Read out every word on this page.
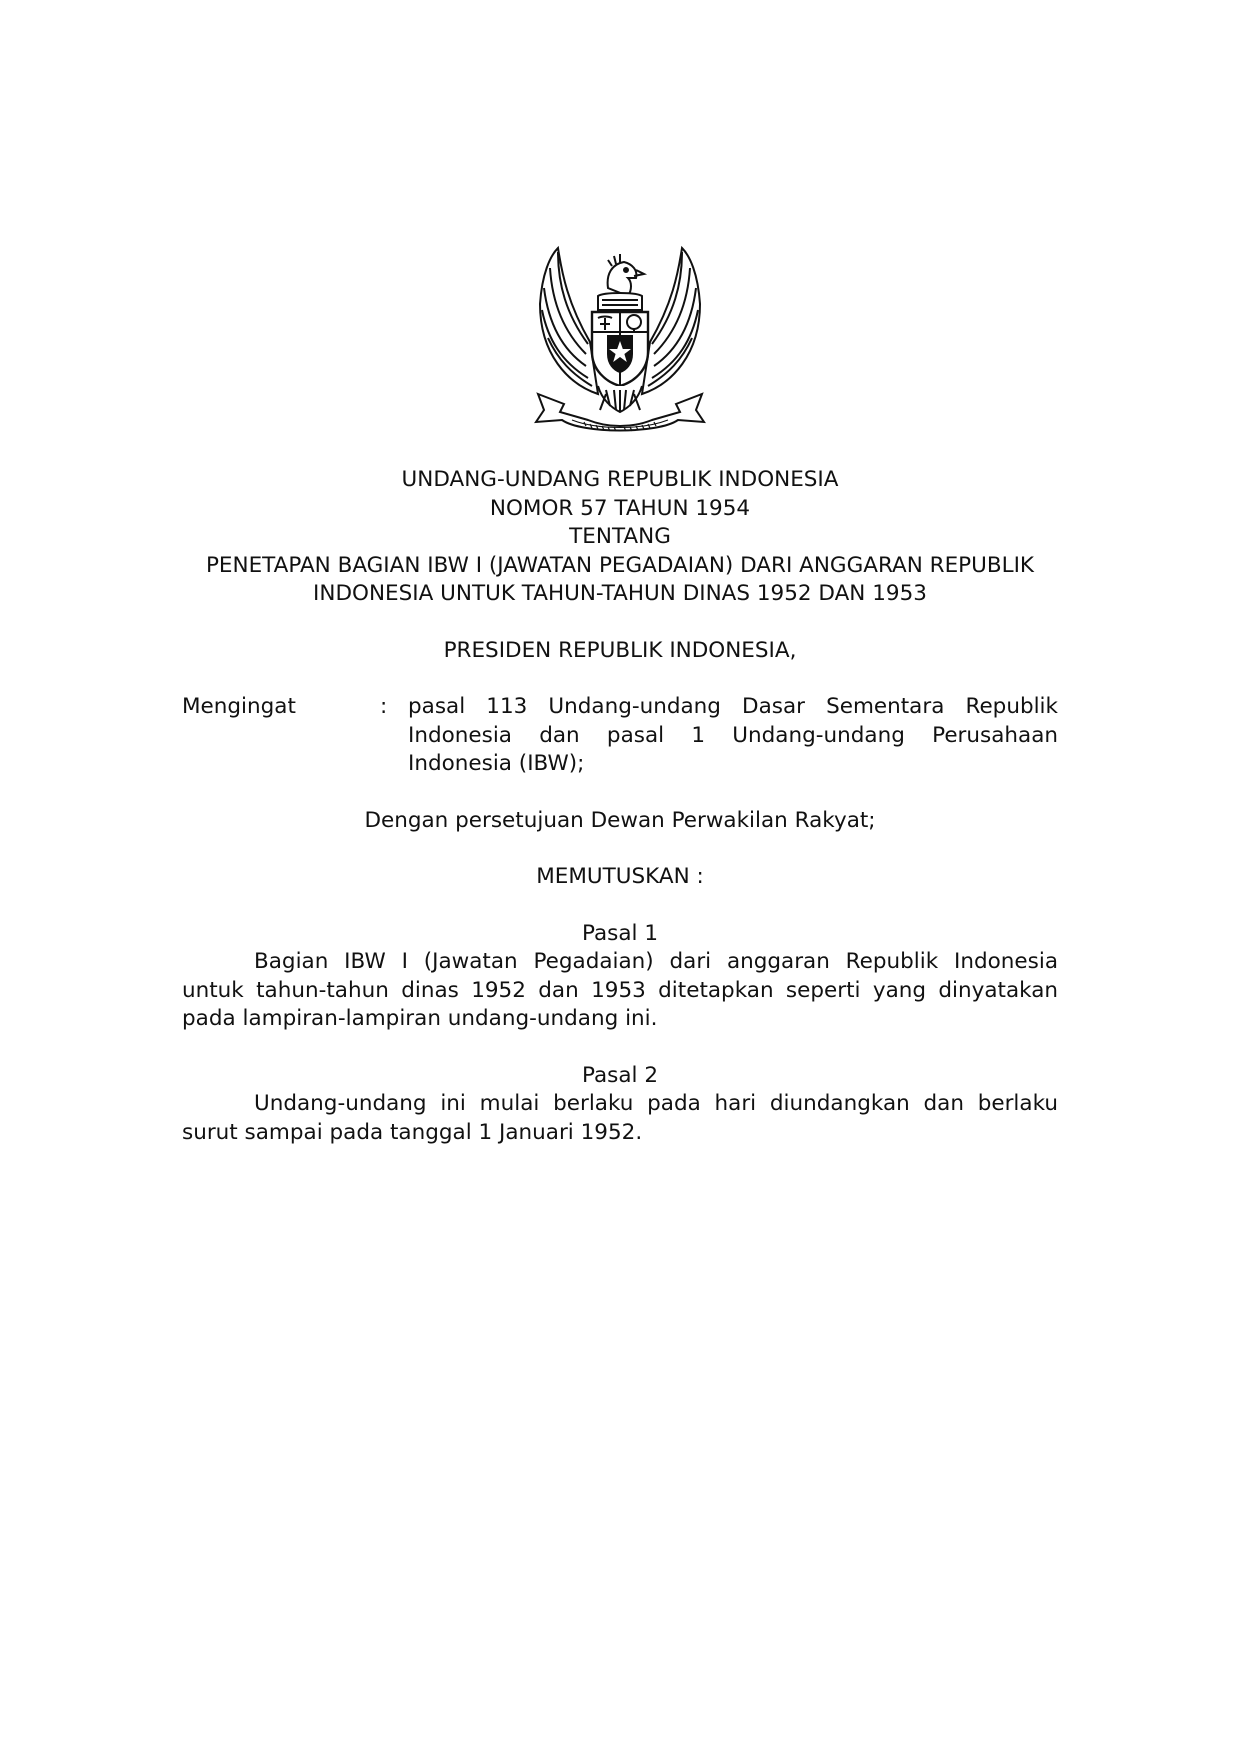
UNDANG-UNDANG REPUBLIK INDONESIA
NOMOR 57 TAHUN 1954
TENTANG
PENETAPAN BAGIAN IBW I (JAWATAN PEGADAIAN) DARI ANGGARAN REPUBLIK
INDONESIA UNTUK TAHUN-TAHUN DINAS 1952 DAN 1953
PRESIDEN REPUBLIK INDONESIA,
Mengingat	: pasal 113 Undang-undang Dasar Sementara Republik
Indonesia dan pasal 1 Undang-undang Perusahaan
Indonesia (IBW);
Dengan persetujuan Dewan Perwakilan Rakyat;
MEMUTUSKAN :
Pasal 1
Bagian IBW I (Jawatan Pegadaian) dari anggaran Republik Indonesia
untuk tahun-tahun dinas 1952 dan 1953 ditetapkan seperti yang dinyatakan
pada lampiran-lampiran undang-undang ini.
Pasal 2
Undang-undang ini mulai berlaku pada hari diundangkan dan berlaku
surut sampai pada tanggal 1 Januari 1952.
